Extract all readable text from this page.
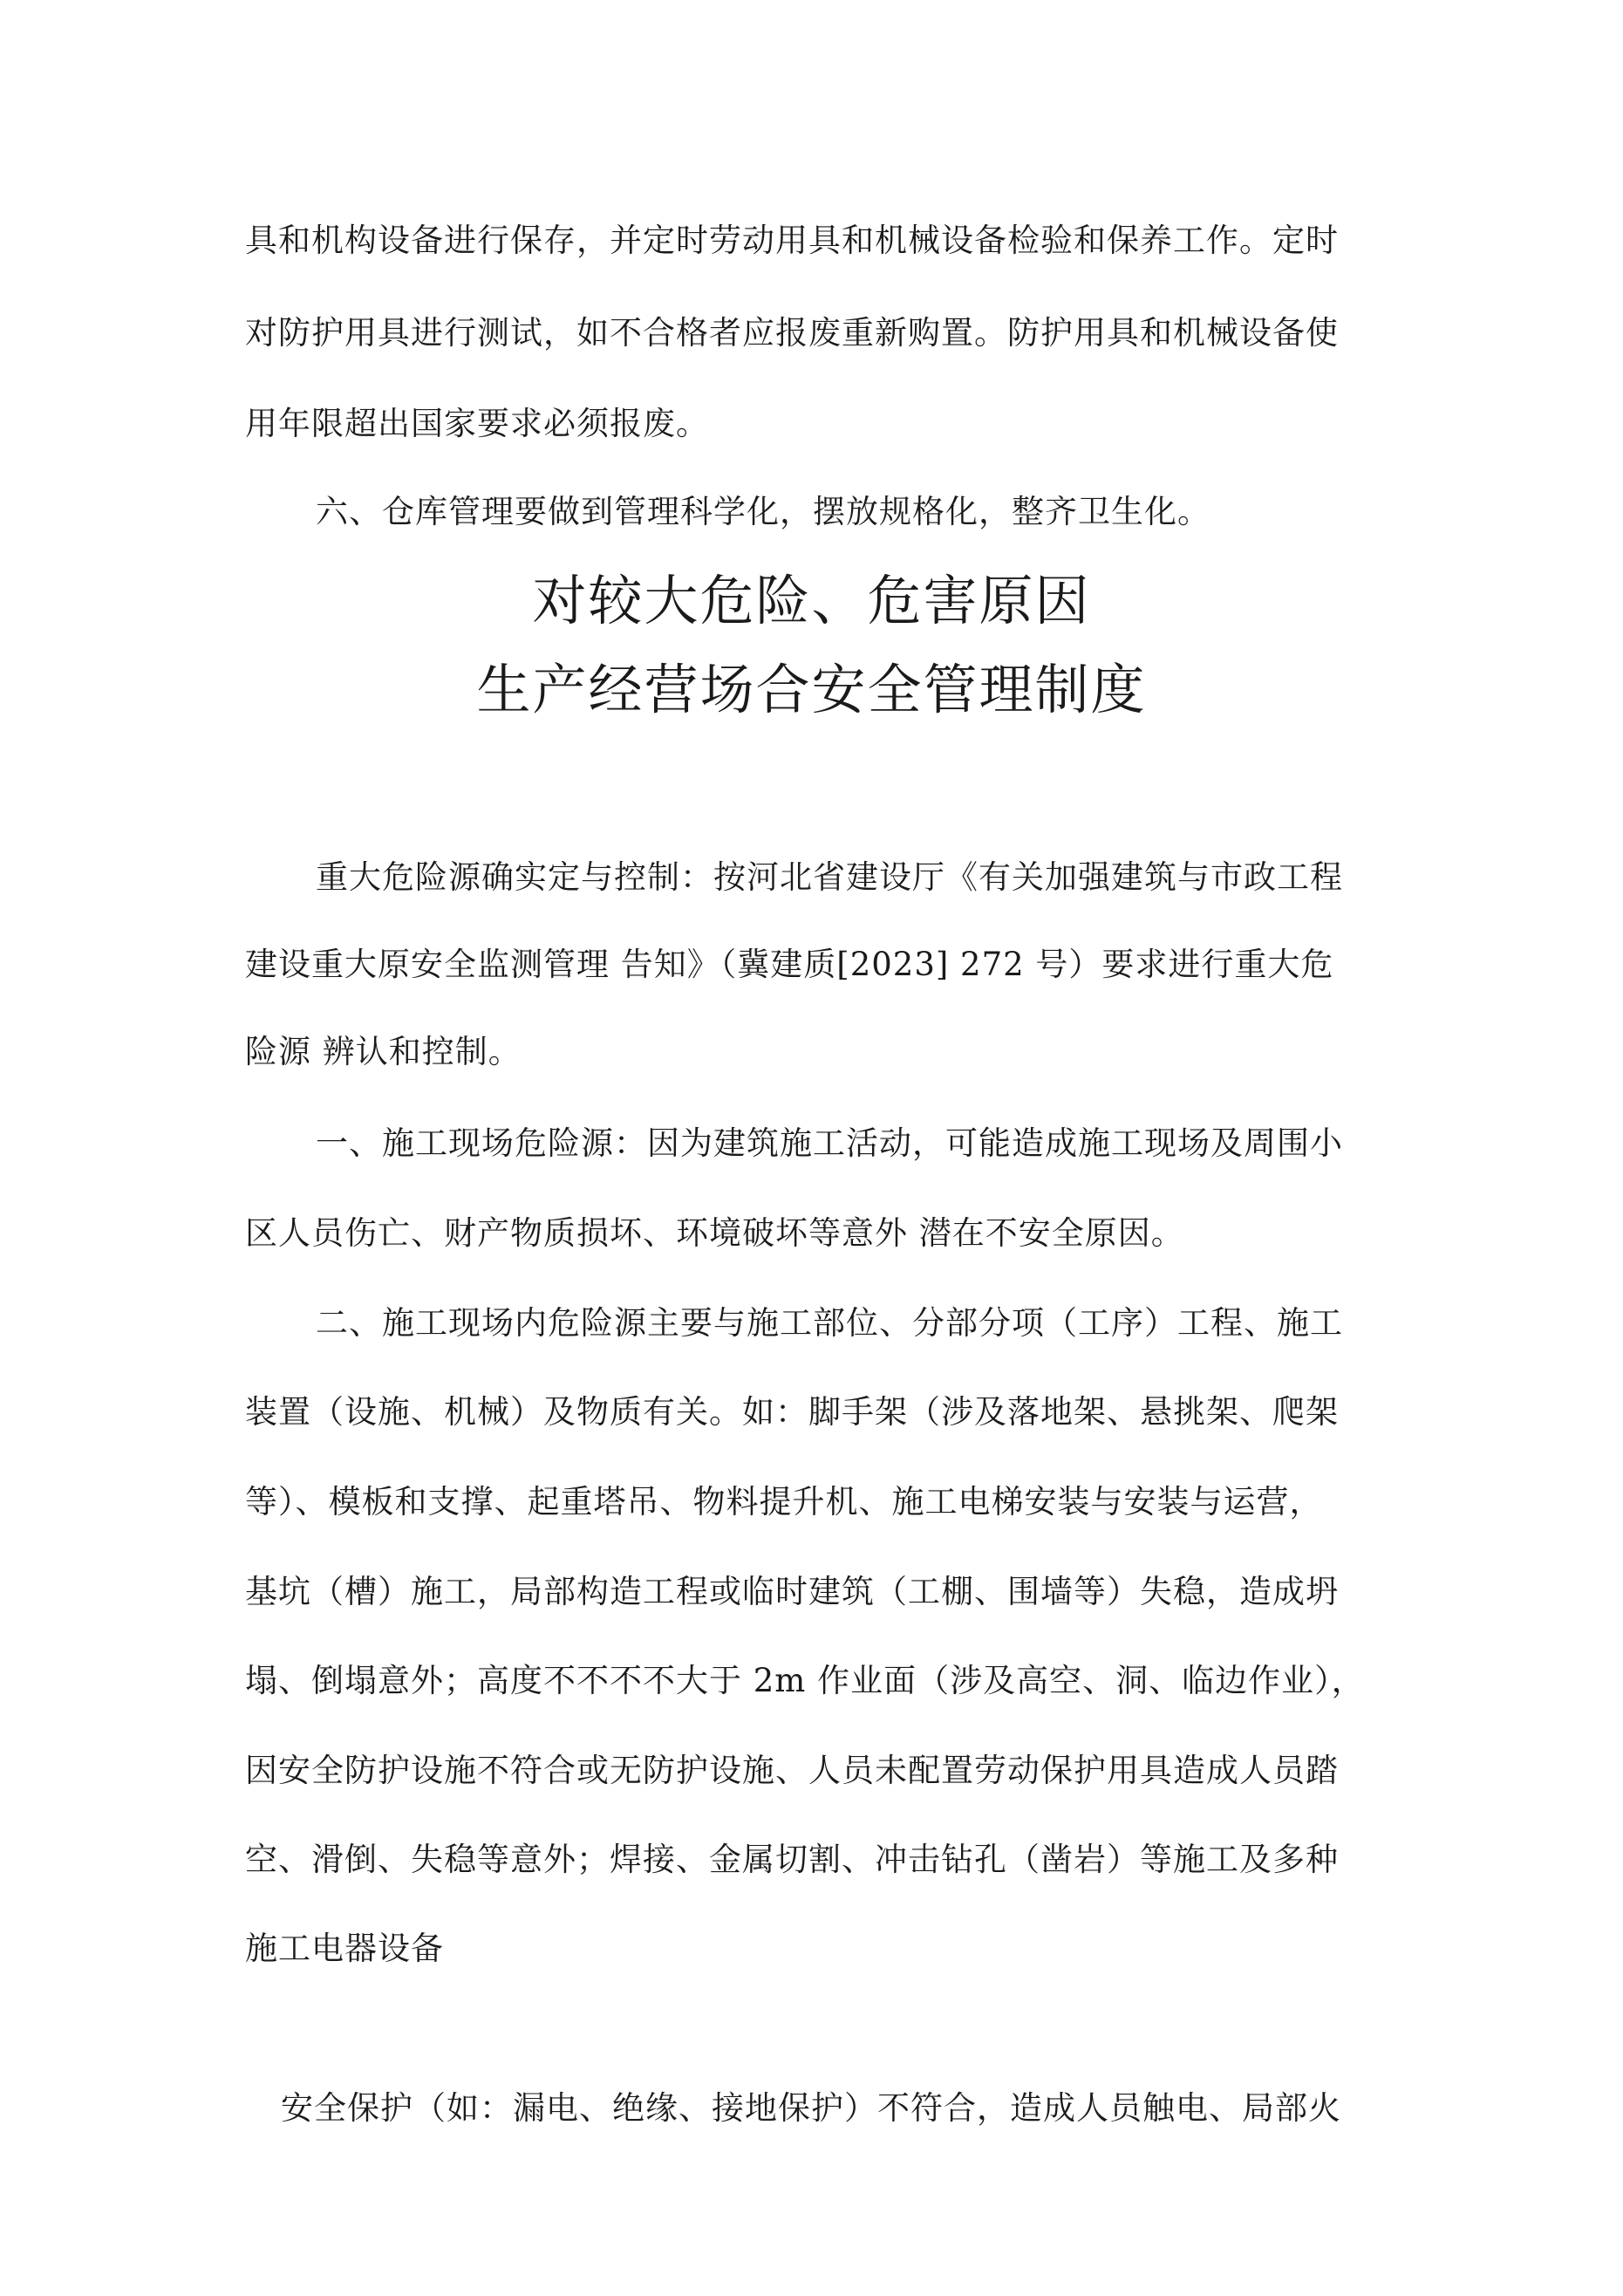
具和机构设备进行保存，并定时劳动用具和机械设备检验和保养工作。定时
对防护用具进行测试，如不合格者应报废重新购置。防护用具和机械设备使
用年限超出国家要求必须报废。
六、仓库管理要做到管理科学化，摆放规格化，整齐卫生化。
对较大危险、危害原因
生产经营场合安全管理制度
重大危险源确实定与控制：按河北省建设厅《有关加强建筑与市政工程
建设重大原安全监测管理 告知》（冀建质[2023] 272 号）要求进行重大危
险源 辨认和控制。
一、施工现场危险源：因为建筑施工活动，可能造成施工现场及周围小
区人员伤亡、财产物质损坏、环境破坏等意外 潜在不安全原因。
二、施工现场内危险源主要与施工部位、分部分项（工序）工程、施工
装置（设施、机械）及物质有关。如：脚手架（涉及落地架、悬挑架、爬架
等）、模板和支撑、起重塔吊、物料提升机、施工电梯安装与安装与运营，
基坑（槽）施工，局部构造工程或临时建筑（工棚、围墙等）失稳，造成坍
塌、倒塌意外；高度不不不不大于 2m 作业面（涉及高空、洞、临边作业），
因安全防护设施不符合或无防护设施、人员未配置劳动保护用具造成人员踏
空、滑倒、失稳等意外；焊接、金属切割、冲击钻孔（凿岩）等施工及多种
施工电器设备
安全保护（如：漏电、绝缘、接地保护）不符合，造成人员触电、局部火
